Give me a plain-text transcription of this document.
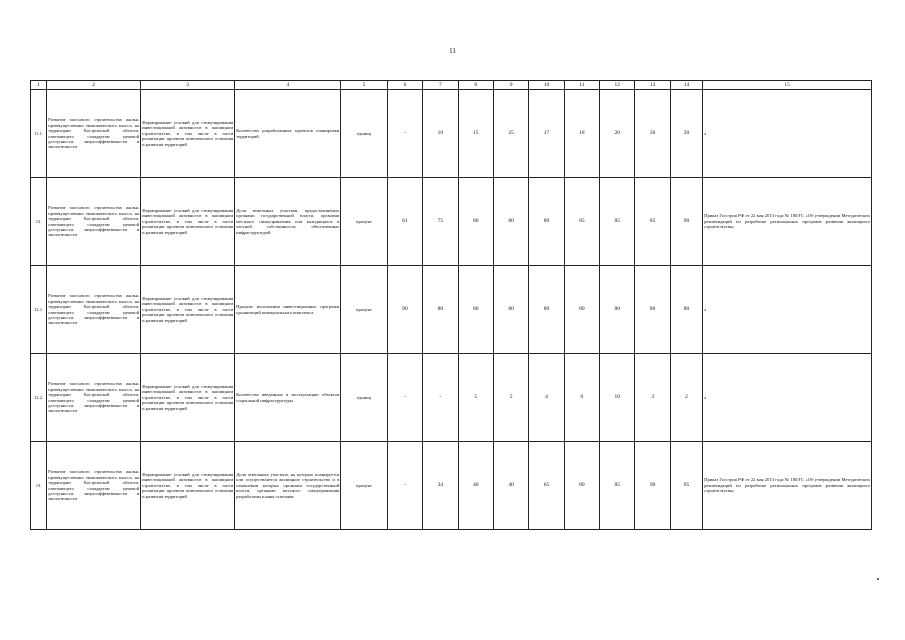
11
1	2	3	4	5	6	7	8	9	10	11	12	13	14	15
11.1.	Развитие массового строительства жилья, преимущественно экономического класса, на территории Костромской области, отвечающего стандартам ценовой доступности, энергоэффективности и экологичности	Формирование условий для стимулирования инвестиционной активности в жилищном строительстве, в том числе в части реализации проектов комплексного освоения и развития территорий	Количество разработанных проектов планировки территорий	единиц	-	10	15	25	17	18	20	20	20	х
12.	Развитие массового строительства жилья, преимущественно экономического класса, на территории Костромской области, отвечающего стандартам ценовой доступности, энергоэффективности и экологичности	Формирование условий для стимулирования инвестиционной активности в жилищном строительстве, в том числе в части реализации проектов комплексного освоения и развития территорий	Доля земельных участков, предоставляемых органами государственной власти, органами местного самоуправления или находящихся в частной собственности, обеспеченных инфраструктурой	процент	61	75	80	80	80	85	85	85	90	Приказ Госстроя РФ от 22 мая 2013 года № 180/ГС «Об утверждении Методических рекомендаций по разработке региональных программ развития жилищного строительства»
12.1.	Развитие массового строительства жилья, преимущественно экономического класса, на территории Костромской области, отвечающего стандартам ценовой доступности, энергоэффективности и экологичности	Формирование условий для стимулирования инвестиционной активности в жилищном строительстве, в том числе в части реализации проектов комплексного освоения и развития территорий	Процент исполнения инвестиционных программ организаций коммунального комплекса	процент	80	80	80	80	80	80	80	80	80	х
12.2.	Развитие массового строительства жилья, преимущественно экономического класса, на территории Костромской области, отвечающего стандартам ценовой доступности, энергоэффективности и экологичности	Формирование условий для стимулирования инвестиционной активности в жилищном строительстве, в том числе в части реализации проектов комплексного освоения и развития территорий	Количество введенных в эксплуатацию объектов социальной инфраструктуры	единиц	-	-	5	5	4	0	10	3	2	х
13.	Развитие массового строительства жилья, преимущественно экономического класса, на территории Костромской области, отвечающего стандартам ценовой доступности, энергоэффективности и экологичности	Формирование условий для стимулирования инвестиционной активности в жилищном строительстве, в том числе в части реализации проектов комплексного освоения и развития территорий	Доля земельных участков, на которых планируется или осуществляется жилищное строительство и в отношении которых органами государственной власти, органами местного самоуправления разработаны планы освоения	процент	-	34	40	40	65	80	85	90	95	Приказ Госстроя РФ от 22 мая 2013 года № 180/ГС «Об утверждении Методических рекомендаций по разработке региональных программ развития жилищного строительства»
